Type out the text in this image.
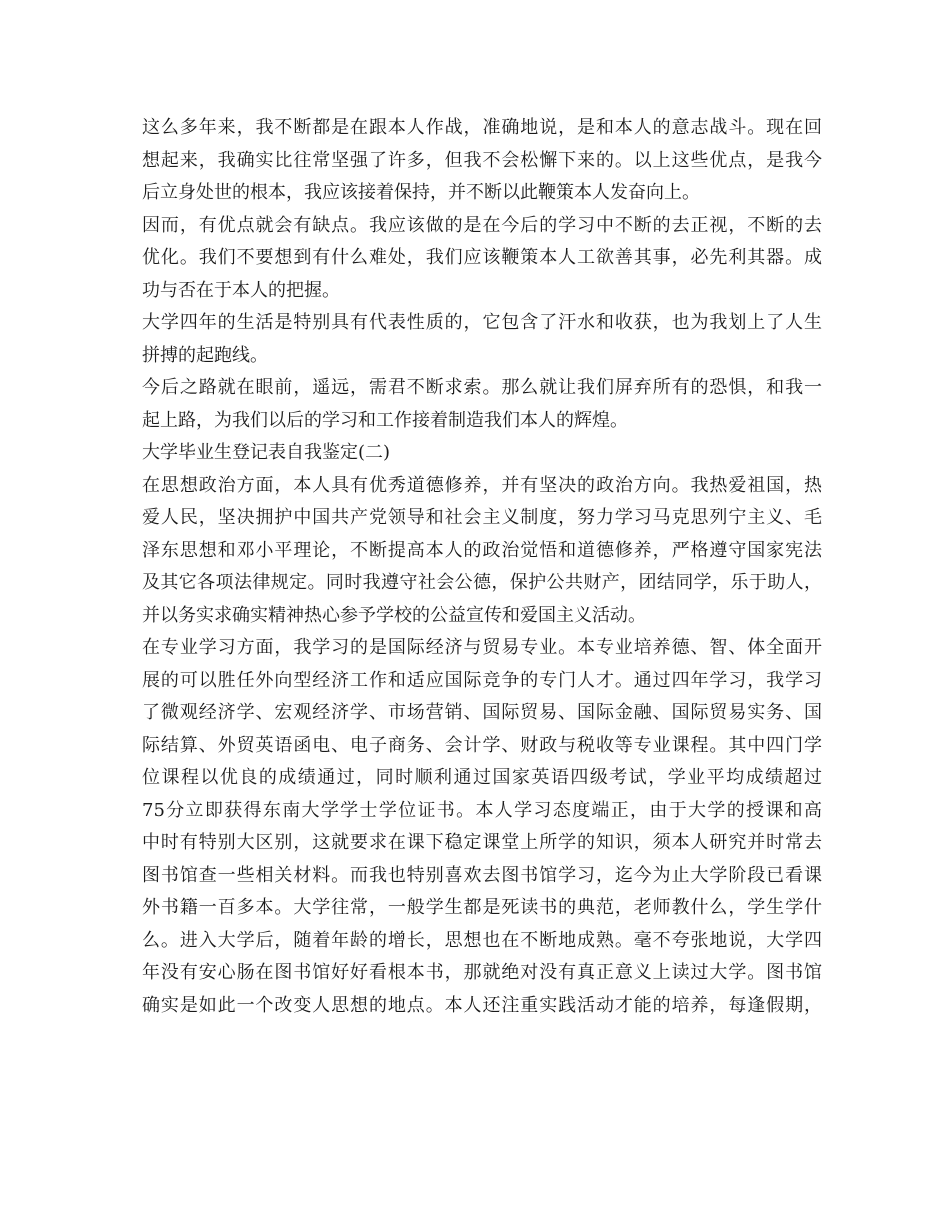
这么多年来，我不断都是在跟本人作战，准确地说，是和本人的意志战斗。现在回
想起来，我确实比往常坚强了许多，但我不会松懈下来的。以上这些优点，是我今
后立身处世的根本，我应该接着保持，并不断以此鞭策本人发奋向上。
因而，有优点就会有缺点。我应该做的是在今后的学习中不断的去正视，不断的去
优化。我们不要想到有什么难处，我们应该鞭策本人工欲善其事，必先利其器。成
功与否在于本人的把握。
大学四年的生活是特别具有代表性质的，它包含了汗水和收获，也为我划上了人生
拼搏的起跑线。
今后之路就在眼前，遥远，需君不断求索。那么就让我们屏弃所有的恐惧，和我一
起上路，为我们以后的学习和工作接着制造我们本人的辉煌。
大学毕业生登记表自我鉴定(二)
在思想政治方面，本人具有优秀道德修养，并有坚决的政治方向。我热爱祖国，热
爱人民，坚决拥护中国共产党领导和社会主义制度，努力学习马克思列宁主义、毛
泽东思想和邓小平理论，不断提高本人的政治觉悟和道德修养，严格遵守国家宪法
及其它各项法律规定。同时我遵守社会公德，保护公共财产，团结同学，乐于助人，
并以务实求确实精神热心参予学校的公益宣传和爱国主义活动。
在专业学习方面，我学习的是国际经济与贸易专业。本专业培养德、智、体全面开
展的可以胜任外向型经济工作和适应国际竞争的专门人才。通过四年学习，我学习
了微观经济学、宏观经济学、市场营销、国际贸易、国际金融、国际贸易实务、国
际结算、外贸英语函电、电子商务、会计学、财政与税收等专业课程。其中四门学
位课程以优良的成绩通过，同时顺利通过国家英语四级考试，学业平均成绩超过
75分立即获得东南大学学士学位证书。本人学习态度端正，由于大学的授课和高
中时有特别大区别，这就要求在课下稳定课堂上所学的知识，须本人研究并时常去
图书馆查一些相关材料。而我也特别喜欢去图书馆学习，迄今为止大学阶段已看课
外书籍一百多本。大学往常，一般学生都是死读书的典范，老师教什么，学生学什
么。进入大学后，随着年龄的增长，思想也在不断地成熟。毫不夸张地说，大学四
年没有安心肠在图书馆好好看根本书，那就绝对没有真正意义上读过大学。图书馆
确实是如此一个改变人思想的地点。本人还注重实践活动才能的培养，每逢假期，
